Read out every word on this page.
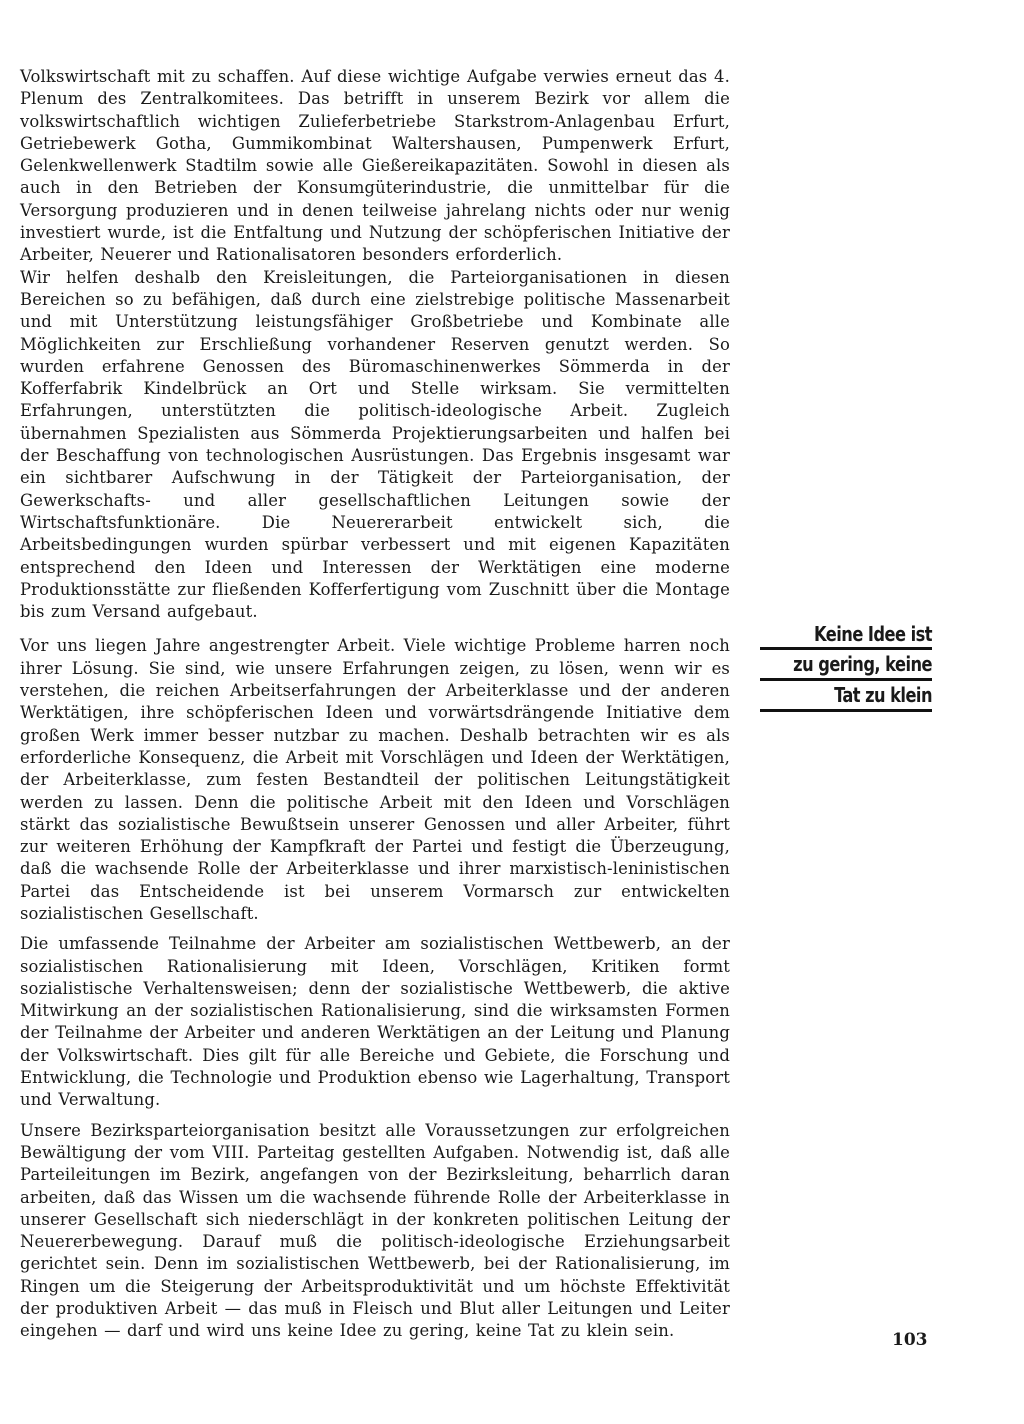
Volkswirtschaft mit zu schaffen. Auf diese wichtige Aufgabe verwies erneut das 4. Plenum des Zentralkomitees. Das betrifft in unserem Bezirk vor allem die volkswirtschaftlich wichtigen Zulieferbetriebe Starkstrom-Anlagenbau Erfurt, Getriebewerk Gotha, Gummikombinat Waltershausen, Pumpenwerk Erfurt, Gelenkwellenwerk Stadtilm sowie alle Gießereikapazitäten. Sowohl in diesen als auch in den Betrieben der Konsumgüterindustrie, die unmittelbar für die Versorgung produzieren und in denen teilweise jahrelang nichts oder nur wenig investiert wurde, ist die Entfaltung und Nutzung der schöpferischen Initiative der Arbeiter, Neuerer und Rationalisatoren besonders erforderlich.

Wir helfen deshalb den Kreisleitungen, die Parteiorganisationen in diesen Bereichen so zu befähigen, daß durch eine zielstrebige politische Massenarbeit und mit Unterstützung leistungsfähiger Großbetriebe und Kombinate alle Möglichkeiten zur Erschließung vorhandener Reserven genutzt werden. So wurden erfahrene Genossen des Büromaschinenwerkes Sömmerda in der Kofferfabrik Kindelbrück an Ort und Stelle wirksam. Sie vermittelten Erfahrungen, unterstützten die politisch-ideologische Arbeit. Zugleich übernahmen Spezialisten aus Sömmerda Projektierungsarbeiten und halfen bei der Beschaffung von technologischen Ausrüstungen. Das Ergebnis insgesamt war ein sichtbarer Aufschwung in der Tätigkeit der Parteiorganisation, der Gewerkschafts- und aller gesellschaftlichen Leitungen sowie der Wirtschaftsfunktionäre. Die Neuererarbeit entwickelt sich, die Arbeitsbedingungen wurden spürbar verbessert und mit eigenen Kapazitäten entsprechend den Ideen und Interessen der Werktätigen eine moderne Produktionsstätte zur fließenden Kofferfertigung vom Zuschnitt über die Montage bis zum Versand aufgebaut.

Vor uns liegen Jahre angestrengter Arbeit. Viele wichtige Probleme harren noch ihrer Lösung. Sie sind, wie unsere Erfahrungen zeigen, zu lösen, wenn wir es verstehen, die reichen Arbeitserfahrungen der Arbeiterklasse und der anderen Werktätigen, ihre schöpferischen Ideen und vorwärtsdrängende Initiative dem großen Werk immer besser nutzbar zu machen. Deshalb betrachten wir es als erforderliche Konsequenz, die Arbeit mit Vorschlägen und Ideen der Werktätigen, der Arbeiterklasse, zum festen Bestandteil der politischen Leitungstätigkeit werden zu lassen. Denn die politische Arbeit mit den Ideen und Vorschlägen stärkt das sozialistische Bewußtsein unserer Genossen und aller Arbeiter, führt zur weiteren Erhöhung der Kampfkraft der Partei und festigt die Überzeugung, daß die wachsende Rolle der Arbeiterklasse und ihrer marxistisch-leninistischen Partei das Entscheidende ist bei unserem Vormarsch zur entwickelten sozialistischen Gesellschaft.

Die umfassende Teilnahme der Arbeiter am sozialistischen Wettbewerb, an der sozialistischen Rationalisierung mit Ideen, Vorschlägen, Kritiken formt sozialistische Verhaltensweisen; denn der sozialistische Wettbewerb, die aktive Mitwirkung an der sozialistischen Rationalisierung, sind die wirksamsten Formen der Teilnahme der Arbeiter und anderen Werktätigen an der Leitung und Planung der Volkswirtschaft. Dies gilt für alle Bereiche und Gebiete, die Forschung und Entwicklung, die Technologie und Produktion ebenso wie Lagerhaltung, Transport und Verwaltung.

Unsere Bezirksparteiorganisation besitzt alle Voraussetzungen zur erfolgreichen Bewältigung der vom VIII. Parteitag gestellten Aufgaben. Notwendig ist, daß alle Parteileitungen im Bezirk, angefangen von der Bezirksleitung, beharrlich daran arbeiten, daß das Wissen um die wachsende führende Rolle der Arbeiterklasse in unserer Gesellschaft sich niederschlägt in der konkreten politischen Leitung der Neuererbewegung. Darauf muß die politisch-ideologische Erziehungsarbeit gerichtet sein. Denn im sozialistischen Wettbewerb, bei der Rationalisierung, im Ringen um die Steigerung der Arbeitsproduktivität und um höchste Effektivität der produktiven Arbeit — das muß in Fleisch und Blut aller Leitungen und Leiter eingehen — darf und wird uns keine Idee zu gering, keine Tat zu klein sein.

Keine Idee ist
zu gering, keine
Tat zu klein
103
